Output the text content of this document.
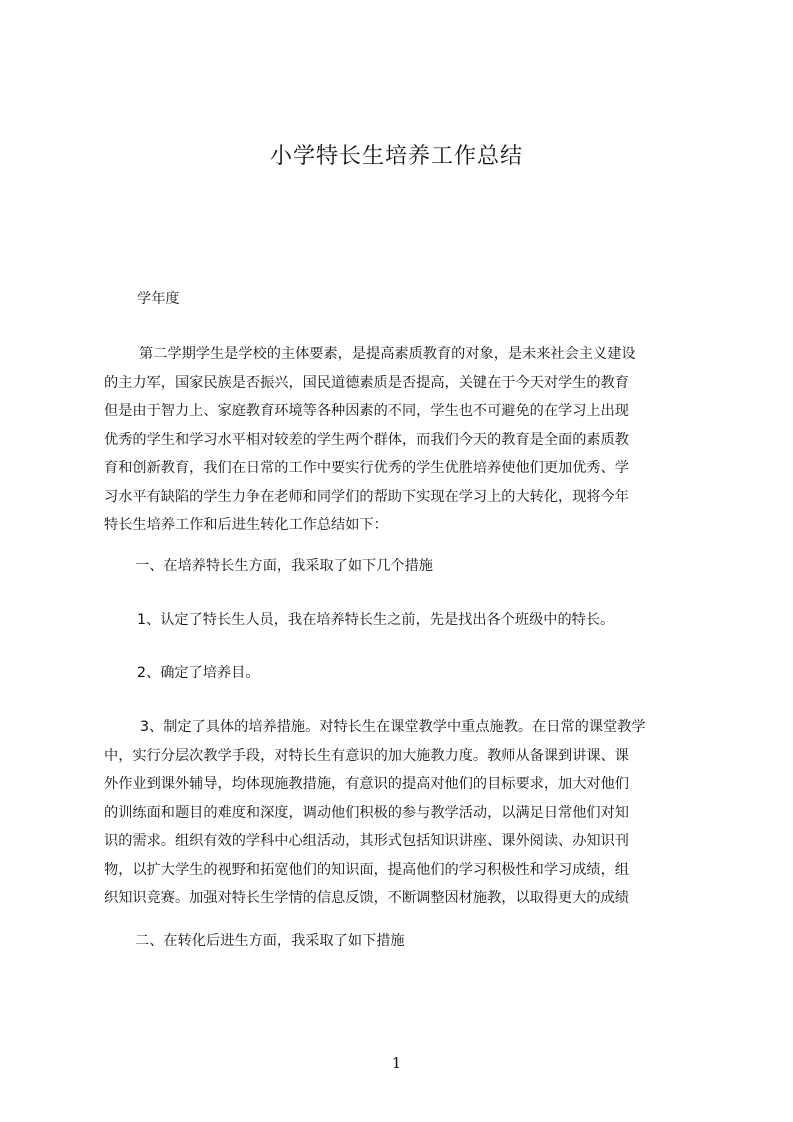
小学特长生培养工作总结
学年度
第二学期学生是学校的主体要素，是提高素质教育的对象，是未来社会主义建设
的主力军，国家民族是否振兴，国民道德素质是否提高，关键在于今天对学生的教育
但是由于智力上、家庭教育环境等各种因素的不同，学生也不可避免的在学习上出现
优秀的学生和学习水平相对较差的学生两个群体，而我们今天的教育是全面的素质教
育和创新教育，我们在日常的工作中要实行优秀的学生优胜培养使他们更加优秀、学
习水平有缺陷的学生力争在老师和同学们的帮助下实现在学习上的大转化，现将今年
特长生培养工作和后进生转化工作总结如下：
一、在培养特长生方面，我采取了如下几个措施
1、认定了特长生人员，我在培养特长生之前，先是找出各个班级中的特长。
2、确定了培养目。
3、制定了具体的培养措施。对特长生在课堂教学中重点施教。在日常的课堂教学
中，实行分层次教学手段，对特长生有意识的加大施教力度。教师从备课到讲课、课
外作业到课外辅导，均体现施教措施，有意识的提高对他们的目标要求，加大对他们
的训练面和题目的难度和深度，调动他们积极的参与教学活动，以满足日常他们对知
识的需求。组织有效的学科中心组活动，其形式包括知识讲座、课外阅读、办知识刊
物，以扩大学生的视野和拓宽他们的知识面，提高他们的学习积极性和学习成绩，组
织知识竞赛。加强对特长生学情的信息反馈，不断调整因材施教，以取得更大的成绩
二、在转化后进生方面，我采取了如下措施
1
